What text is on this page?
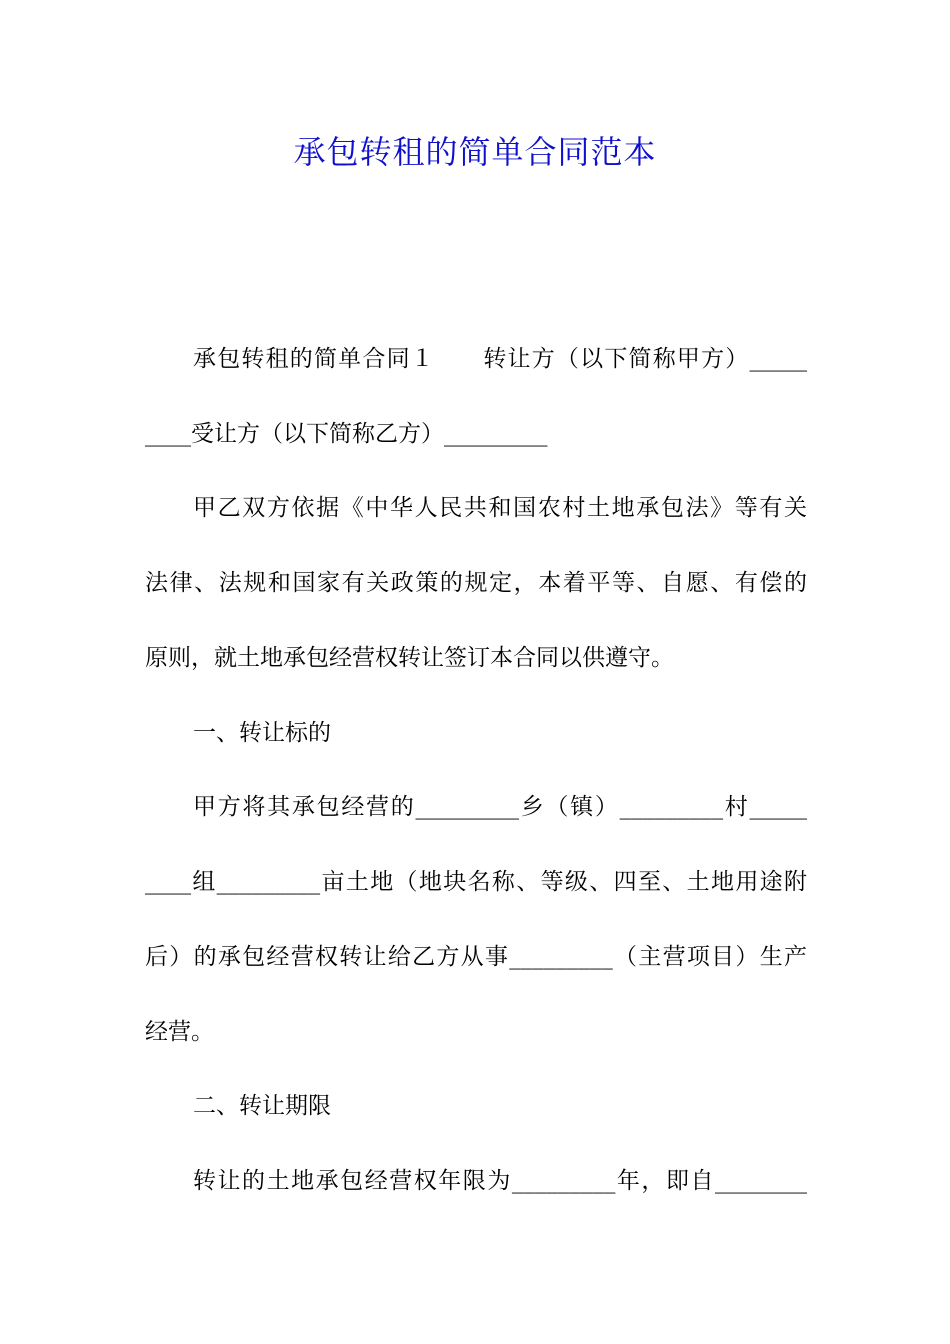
承包转租的简单合同范本
承包转租的简单合同１　　转让方（以下简称甲方）_____
____受让方（以下简称乙方）_________
甲乙双方依据《中华人民共和国农村土地承包法》等有关
法律、法规和国家有关政策的规定，本着平等、自愿、有偿的
原则，就土地承包经营权转让签订本合同以供遵守。
一、转让标的
甲方将其承包经营的_________乡（镇）_________村_____
____组_________亩土地（地块名称、等级、四至、土地用途附
后）的承包经营权转让给乙方从事_________（主营项目）生产
经营。
二、转让期限
转让的土地承包经营权年限为_________年，即自________
